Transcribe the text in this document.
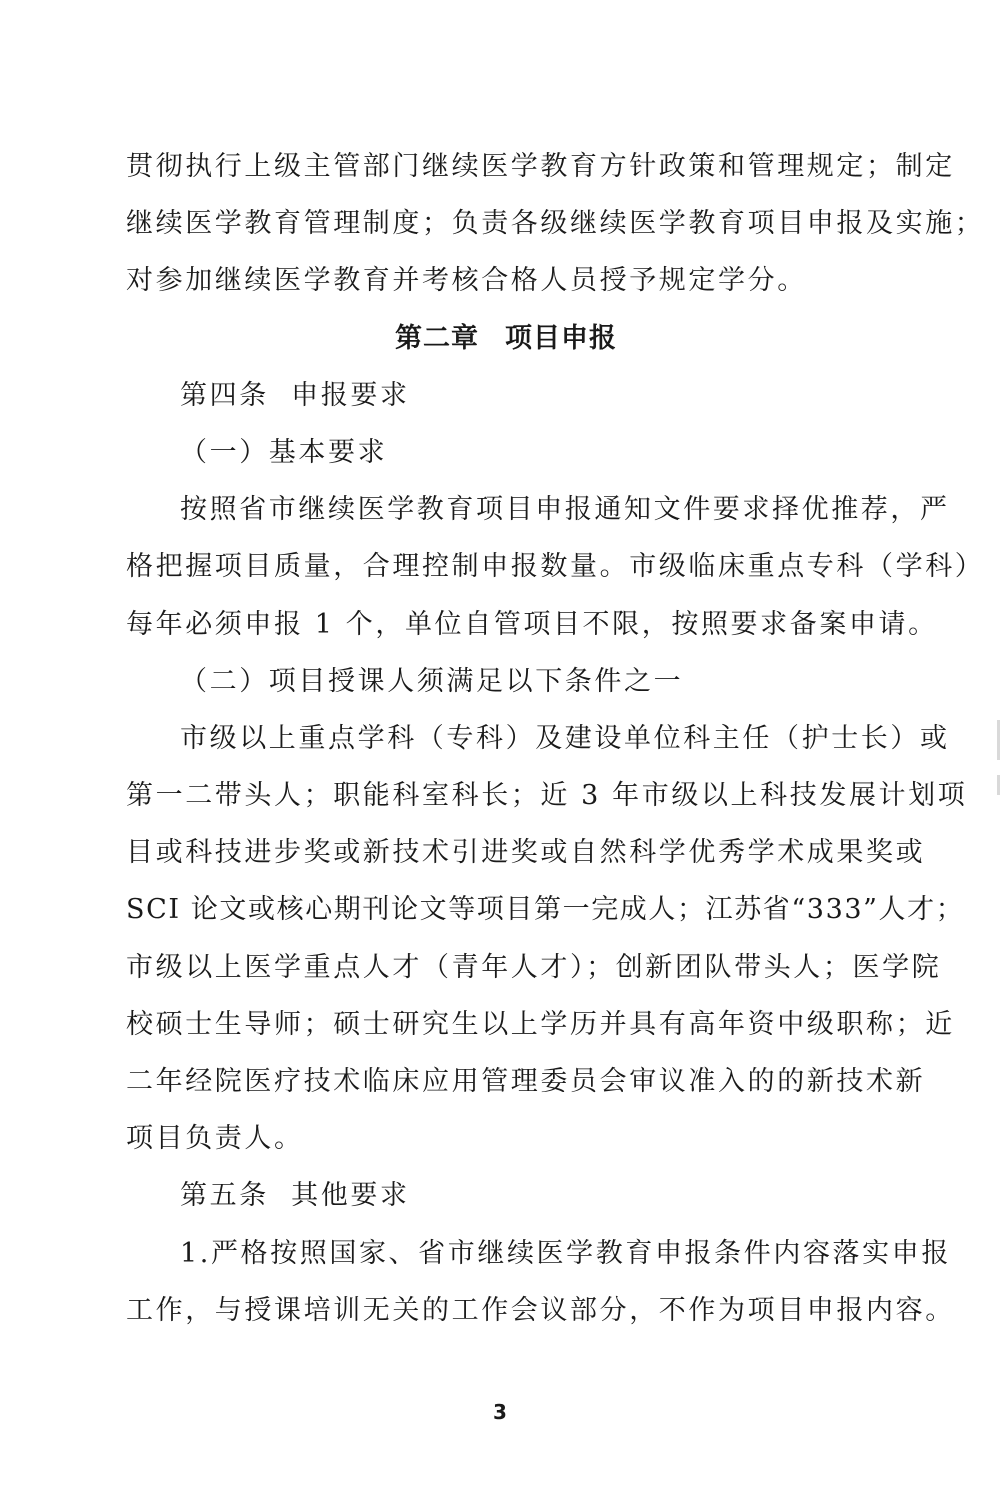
贯彻执行上级主管部门继续医学教育方针政策和管理规定；制定
继续医学教育管理制度；负责各级继续医学教育项目申报及实施；
对参加继续医学教育并考核合格人员授予规定学分。
第二章 项目申报
第四条  申报要求
（一）基本要求
按照省市继续医学教育项目申报通知文件要求择优推荐，严
格把握项目质量，合理控制申报数量。市级临床重点专科（学科）
每年必须申报 1 个，单位自管项目不限，按照要求备案申请。
（二）项目授课人须满足以下条件之一
市级以上重点学科（专科）及建设单位科主任（护士长）或
第一二带头人；职能科室科长；近 3 年市级以上科技发展计划项
目或科技进步奖或新技术引进奖或自然科学优秀学术成果奖或
SCI 论文或核心期刊论文等项目第一完成人；江苏省“333”人才；
市级以上医学重点人才（青年人才）；创新团队带头人；医学院
校硕士生导师；硕士研究生以上学历并具有高年资中级职称；近
二年经院医疗技术临床应用管理委员会审议准入的的新技术新
项目负责人。
第五条  其他要求
1.严格按照国家、省市继续医学教育申报条件内容落实申报
工作，与授课培训无关的工作会议部分，不作为项目申报内容。
3
